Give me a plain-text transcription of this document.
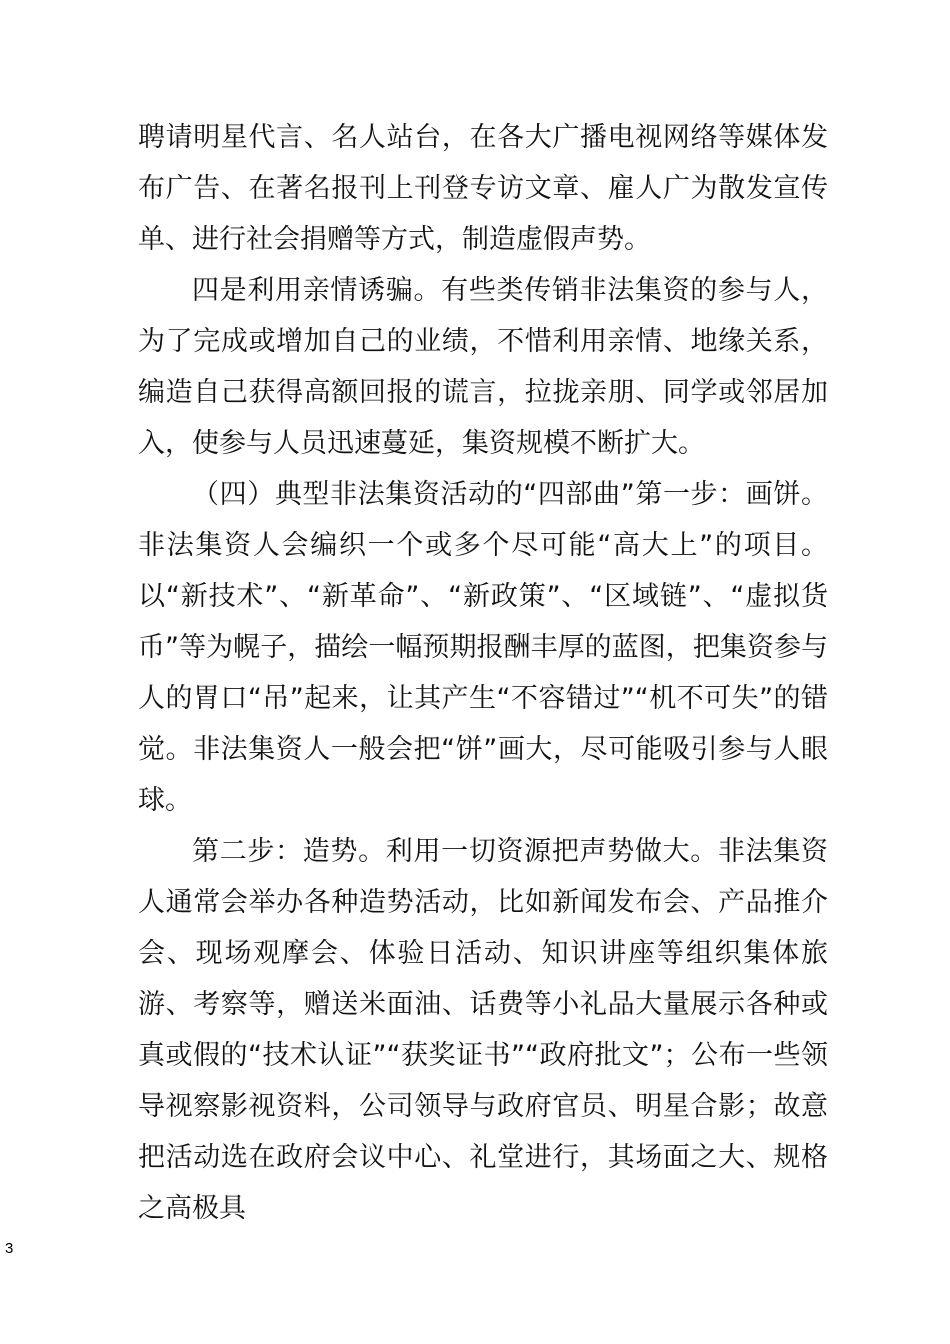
聘请明星代言、名人站台，在各大广播电视网络等媒体发布广告、在著名报刊上刊登专访文章、雇人广为散发宣传单、进行社会捐赠等方式，制造虚假声势。

四是利用亲情诱骗。有些类传销非法集资的参与人，为了完成或增加自己的业绩，不惜利用亲情、地缘关系，编造自己获得高额回报的谎言，拉拢亲朋、同学或邻居加入，使参与人员迅速蔓延，集资规模不断扩大。

（四）典型非法集资活动的“四部曲”第一步：画饼。非法集资人会编织一个或多个尽可能“高大上”的项目。以“新技术”、“新革命”、“新政策”、“区域链”、“虚拟货币”等为幌子，描绘一幅预期报酬丰厚的蓝图，把集资参与人的胃口“吊”起来，让其产生“不容错过”“机不可失”的错觉。非法集资人一般会把“饼”画大，尽可能吸引参与人眼球。

第二步：造势。利用一切资源把声势做大。非法集资人通常会举办各种造势活动，比如新闻发布会、产品推介会、现场观摩会、体验日活动、知识讲座等组织集体旅游、考察等，赠送米面油、话费等小礼品大量展示各种或真或假的“技术认证”“获奖证书”“政府批文”；公布一些领导视察影视资料，公司领导与政府官员、明星合影；故意把活动选在政府会议中心、礼堂进行，其场面之大、规格之高极具

3
